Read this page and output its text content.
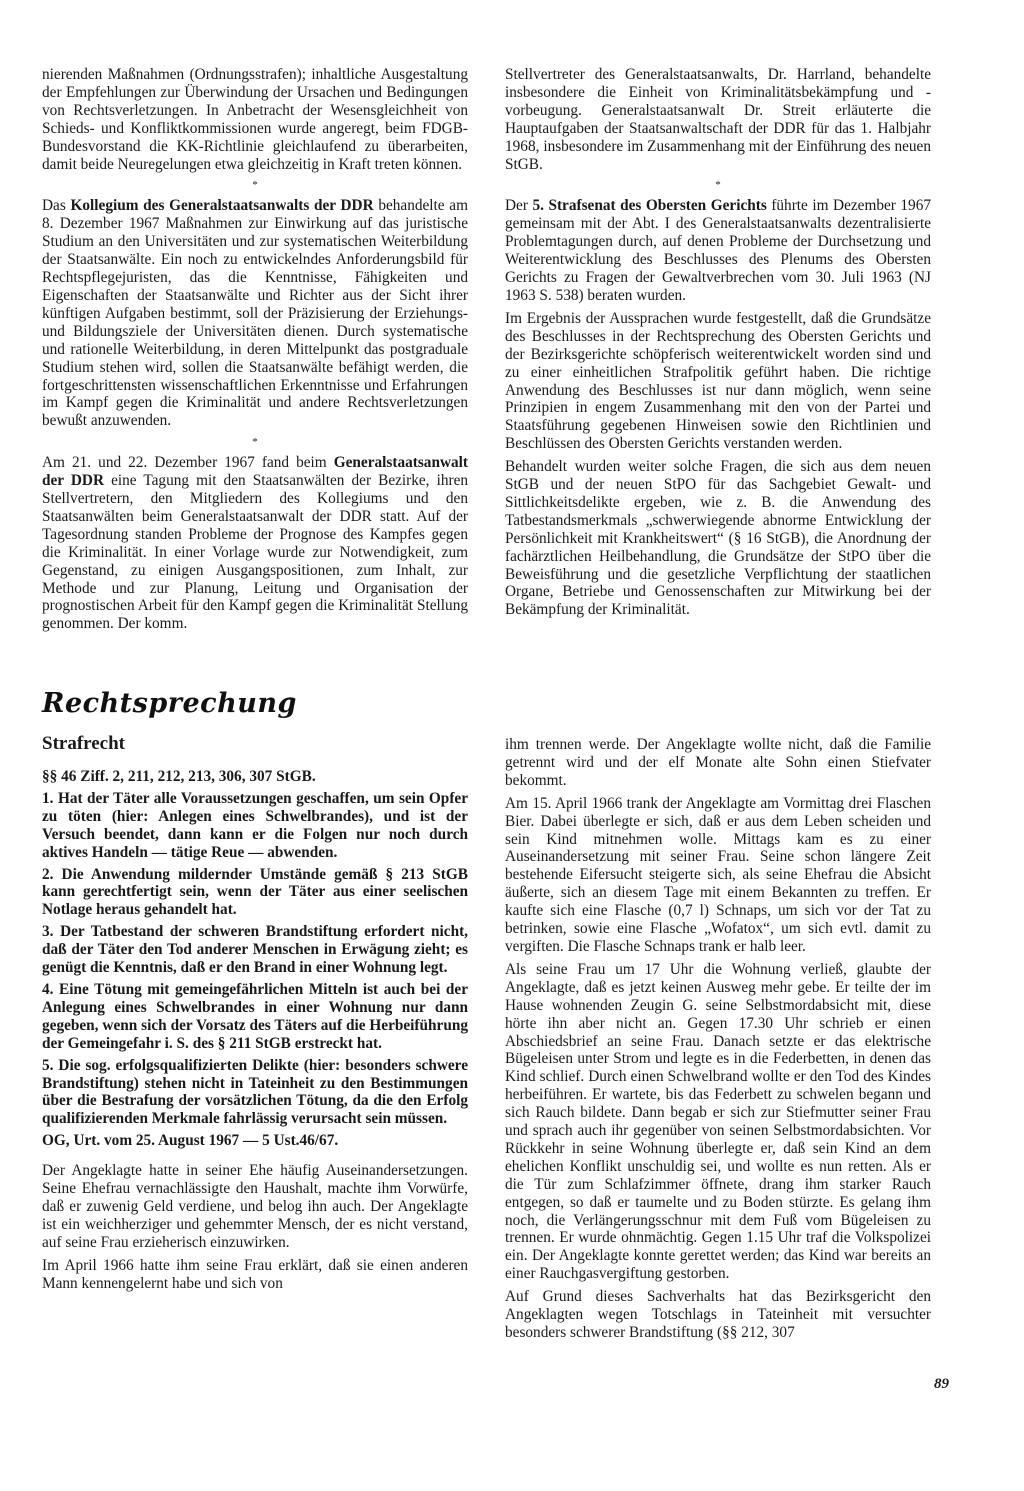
nierenden Maßnahmen (Ordnungsstrafen); inhaltliche Ausgestaltung der Empfehlungen zur Überwindung der Ursachen und Bedingungen von Rechtsverletzungen. In Anbetracht der Wesensgleichheit von Schieds- und Konfliktkommissionen wurde angeregt, beim FDGB-Bundesvorstand die KK-Richtlinie gleichlaufend zu überarbeiten, damit beide Neuregelungen etwa gleichzeitig in Kraft treten können.

*

Das Kollegium des Generalstaatsanwalts der DDR behandelte am 8. Dezember 1967 Maßnahmen zur Einwirkung auf das juristische Studium an den Universitäten und zur systematischen Weiterbildung der Staatsanwälte. Ein noch zu entwickelndes Anforderungsbild für Rechtspflegejuristen, das die Kenntnisse, Fähigkeiten und Eigenschaften der Staatsanwälte und Richter aus der Sicht ihrer künftigen Aufgaben bestimmt, soll der Präzisierung der Erziehungs- und Bildungsziele der Universitäten dienen. Durch systematische und rationelle Weiterbildung, in deren Mittelpunkt das postgraduale Studium stehen wird, sollen die Staatsanwälte befähigt werden, die fortgeschrittensten wissenschaftlichen Erkenntnisse und Erfahrungen im Kampf gegen die Kriminalität und andere Rechtsverletzungen bewußt anzuwenden.

*

Am 21. und 22. Dezember 1967 fand beim Generalstaatsanwalt der DDR eine Tagung mit den Staatsanwälten der Bezirke, ihren Stellvertretern, den Mitgliedern des Kollegiums und den Staatsanwälten beim Generalstaatsanwalt der DDR statt. Auf der Tagesordnung standen Probleme der Prognose des Kampfes gegen die Kriminalität. In einer Vorlage wurde zur Notwendigkeit, zum Gegenstand, zu einigen Ausgangspositionen, zum Inhalt, zur Methode und zur Planung, Leitung und Organisation der prognostischen Arbeit für den Kampf gegen die Kriminalität Stellung genommen. Der komm.

Stellvertreter des Generalstaatsanwalts, Dr. Harrland, behandelte insbesondere die Einheit von Kriminalitätsbekämpfung und -vorbeugung. Generalstaatsanwalt Dr. Streit erläuterte die Hauptaufgaben der Staatsanwaltschaft der DDR für das 1. Halbjahr 1968, insbesondere im Zusammenhang mit der Einführung des neuen StGB.

*

Der 5. Strafsenat des Obersten Gerichts führte im Dezember 1967 gemeinsam mit der Abt. I des Generalstaatsanwalts dezentralisierte Problemtagungen durch, auf denen Probleme der Durchsetzung und Weiterentwicklung des Beschlusses des Plenums des Obersten Gerichts zu Fragen der Gewaltverbrechen vom 30. Juli 1963 (NJ 1963 S. 538) beraten wurden.

Im Ergebnis der Aussprachen wurde festgestellt, daß die Grundsätze des Beschlusses in der Rechtsprechung des Obersten Gerichts und der Bezirksgerichte schöpferisch weiterentwickelt worden sind und zu einer einheitlichen Strafpolitik geführt haben. Die richtige Anwendung des Beschlusses ist nur dann möglich, wenn seine Prinzipien in engem Zusammenhang mit den von der Partei und Staatsführung gegebenen Hinweisen sowie den Richtlinien und Beschlüssen des Obersten Gerichts verstanden werden.

Behandelt wurden weiter solche Fragen, die sich aus dem neuen StGB und der neuen StPO für das Sachgebiet Gewalt- und Sittlichkeitsdelikte ergeben, wie z. B. die Anwendung des Tatbestandsmerkmals „schwerwiegende abnorme Entwicklung der Persönlichkeit mit Krankheitswert“ (§ 16 StGB), die Anordnung der fachärztlichen Heilbehandlung, die Grundsätze der StPO über die Beweisführung und die gesetzliche Verpflichtung der staatlichen Organe, Betriebe und Genossenschaften zur Mitwirkung bei der Bekämpfung der Kriminalität.

Rechtsprechung
Strafrecht

§§ 46 Ziff. 2, 211, 212, 213, 306, 307 StGB.

1. Hat der Täter alle Voraussetzungen geschaffen, um sein Opfer zu töten (hier: Anlegen eines Schwelbrandes), und ist der Versuch beendet, dann kann er die Folgen nur noch durch aktives Handeln — tätige Reue — abwenden.

2. Die Anwendung mildernder Umstände gemäß § 213 StGB kann gerechtfertigt sein, wenn der Täter aus einer seelischen Notlage heraus gehandelt hat.

3. Der Tatbestand der schweren Brandstiftung erfordert nicht, daß der Täter den Tod anderer Menschen in Erwägung zieht; es genügt die Kenntnis, daß er den Brand in einer Wohnung legt.

4. Eine Tötung mit gemeingefährlichen Mitteln ist auch bei der Anlegung eines Schwelbrandes in einer Wohnung nur dann gegeben, wenn sich der Vorsatz des Täters auf die Herbeiführung der Gemeingefahr i. S. des § 211 StGB erstreckt hat.

5. Die sog. erfolgsqualifizierten Delikte (hier: besonders schwere Brandstiftung) stehen nicht in Tateinheit zu den Bestimmungen über die Bestrafung der vorsätzlichen Tötung, da die den Erfolg qualifizierenden Merkmale fahrlässig verursacht sein müssen.

OG, Urt. vom 25. August 1967 — 5 Ust.46/67.

Der Angeklagte hatte in seiner Ehe häufig Auseinandersetzungen. Seine Ehefrau vernachlässigte den Haushalt, machte ihm Vorwürfe, daß er zuwenig Geld verdiene, und belog ihn auch. Der Angeklagte ist ein weichherziger und gehemmter Mensch, der es nicht verstand, auf seine Frau erzieherisch einzuwirken.

Im April 1966 hatte ihm seine Frau erklärt, daß sie einen anderen Mann kennengelernt habe und sich von

ihm trennen werde. Der Angeklagte wollte nicht, daß die Familie getrennt wird und der elf Monate alte Sohn einen Stiefvater bekommt.

Am 15. April 1966 trank der Angeklagte am Vormittag drei Flaschen Bier. Dabei überlegte er sich, daß er aus dem Leben scheiden und sein Kind mitnehmen wolle. Mittags kam es zu einer Auseinandersetzung mit seiner Frau. Seine schon längere Zeit bestehende Eifersucht steigerte sich, als seine Ehefrau die Absicht äußerte, sich an diesem Tage mit einem Bekannten zu treffen. Er kaufte sich eine Flasche (0,7 l) Schnaps, um sich vor der Tat zu betrinken, sowie eine Flasche „Wofatox“, um sich evtl. damit zu vergiften. Die Flasche Schnaps trank er halb leer.

Als seine Frau um 17 Uhr die Wohnung verließ, glaubte der Angeklagte, daß es jetzt keinen Ausweg mehr gebe. Er teilte der im Hause wohnenden Zeugin G. seine Selbstmordabsicht mit, diese hörte ihn aber nicht an. Gegen 17.30 Uhr schrieb er einen Abschiedsbrief an seine Frau. Danach setzte er das elektrische Bügeleisen unter Strom und legte es in die Federbetten, in denen das Kind schlief. Durch einen Schwelbrand wollte er den Tod des Kindes herbeiführen. Er wartete, bis das Federbett zu schwelen begann und sich Rauch bildete. Dann begab er sich zur Stiefmutter seiner Frau und sprach auch ihr gegenüber von seinen Selbstmordabsichten. Vor Rückkehr in seine Wohnung überlegte er, daß sein Kind an dem ehelichen Konflikt unschuldig sei, und wollte es nun retten. Als er die Tür zum Schlafzimmer öffnete, drang ihm starker Rauch entgegen, so daß er taumelte und zu Boden stürzte. Es gelang ihm noch, die Verlängerungsschnur mit dem Fuß vom Bügeleisen zu trennen. Er wurde ohnmächtig. Gegen 1.15 Uhr traf die Volkspolizei ein. Der Angeklagte konnte gerettet werden; das Kind war bereits an einer Rauchgasvergiftung gestorben.

Auf Grund dieses Sachverhalts hat das Bezirksgericht den Angeklagten wegen Totschlags in Tateinheit mit versuchter besonders schwerer Brandstiftung (§§ 212, 307

89
